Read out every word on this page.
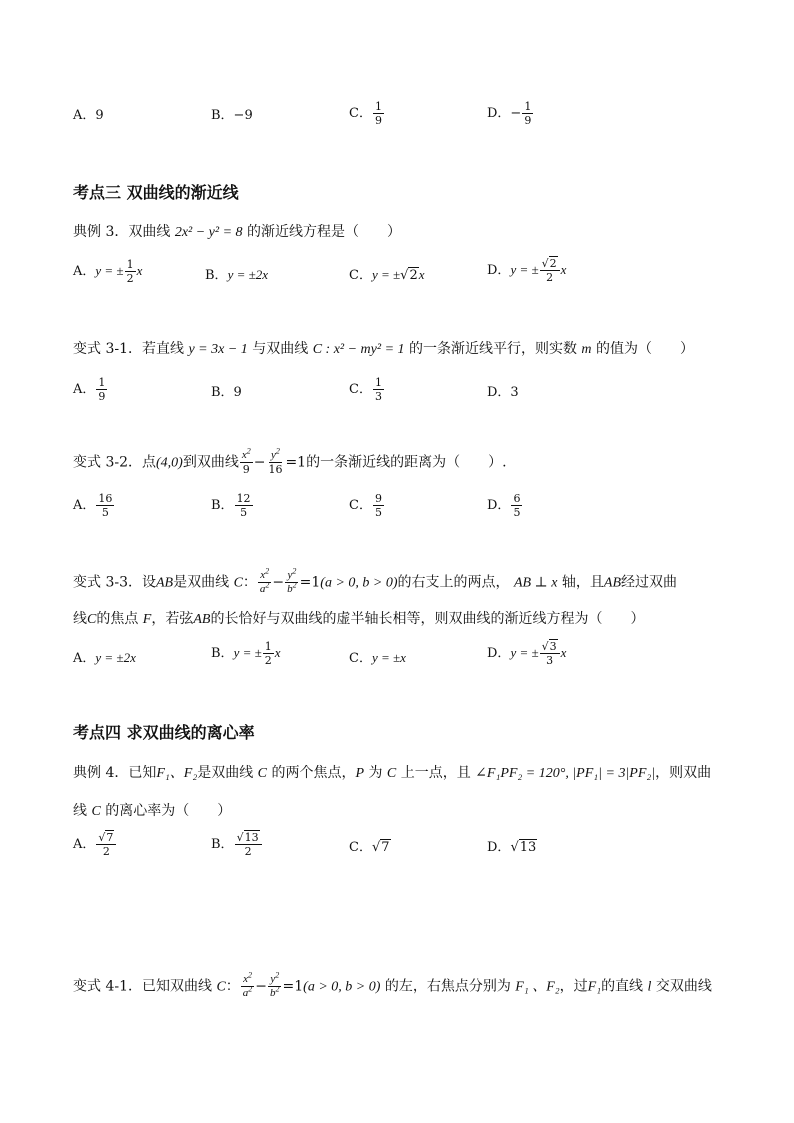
A．9	B．−9	C． $\frac{1}{9}$	D．− $\frac{1}{9}$
考点三 双曲线的渐近线
典例 3．双曲线 2x² − y² = 8 的渐近线方程是（　　）
A．y = ± $\frac{1}{2}$ x	B．y = ±2x	C．y = ±√2x	D．y = ± $\frac{√2}{2}$ x
变式 3-1．若直线 y = 3x − 1 与双曲线 C : x² − my² = 1 的一条渐近线平行，则实数 m 的值为（　　）
A． $\frac{1}{9}$	B．9	C． $\frac{1}{3}$	D．3
变式 3-2．点(4,0)到双曲线 $\frac{x^2}{9} - \frac{y^2}{16} =1$的一条渐近线的距离为（　　）.
A． $\frac{16}{5}$	B． $\frac{12}{5}$	C． $\frac{9}{5}$	D． $\frac{6}{5}$
变式 3-3．设AB是双曲线 C： $\frac{x^2}{a^2} - \frac{y^2}{b^2} =1(a > 0$, b > 0)的右支上的两点， AB ⊥ x 轴，且AB经过双曲
线C的焦点 F，若弦AB的长恰好与双曲线的虚半轴长相等，则双曲线的渐近线方程为（　　）
A．y = ±2x	B．y = ± $\frac{1}{2}$ x	C．y = ±x	D．y = ± $\frac{√3}{3}$ x
考点四 求双曲线的离心率
典例 4．已知F₁、F₂是双曲线 C 的两个焦点，P 为 C 上一点，且 ∠F₁PF₂ = 120°, |PF₁| = 3|PF₂|，则双曲
线 C 的离心率为（　　）
A． $\frac{√7}{2}$	B． $\frac{√13}{2}$	C．√7	D．√13
变式 4-1．已知双曲线 C： $\frac{x^2}{a^2} - \frac{y^2}{b^2} =1(a > 0$, b > 0) 的左，右焦点分别为 F₁ 、F₂，过F₁的直线 l 交双曲线
